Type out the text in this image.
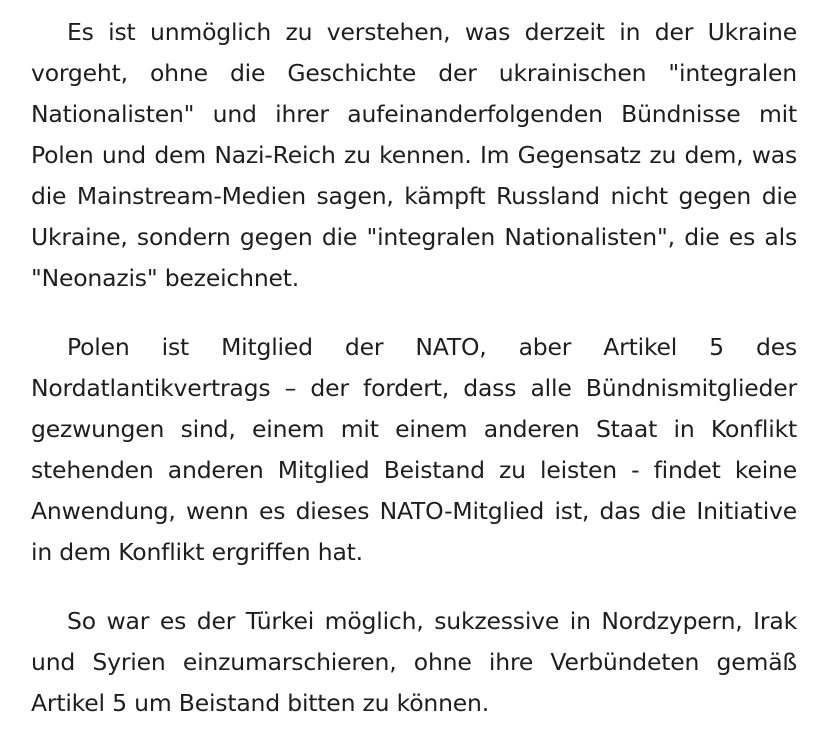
Es ist unmöglich zu verstehen, was derzeit in der Ukraine vorgeht, ohne die Geschichte der ukrainischen "integralen Nationalisten" und ihrer aufeinanderfolgenden Bündnisse mit Polen und dem Nazi-Reich zu kennen. Im Gegensatz zu dem, was die Mainstream-Medien sagen, kämpft Russland nicht gegen die Ukraine, sondern gegen die "integralen Nationalisten", die es als "Neonazis" bezeichnet.

Polen ist Mitglied der NATO, aber Artikel 5 des Nordatlantikvertrags – der fordert, dass alle Bündnismitglieder gezwungen sind, einem mit einem anderen Staat in Konflikt stehenden anderen Mitglied Beistand zu leisten - findet keine Anwendung, wenn es dieses NATO-Mitglied ist, das die Initiative in dem Konflikt ergriffen hat.

So war es der Türkei möglich, sukzessive in Nordzypern, Irak und Syrien einzumarschieren, ohne ihre Verbündeten gemäß Artikel 5 um Beistand bitten zu können.
